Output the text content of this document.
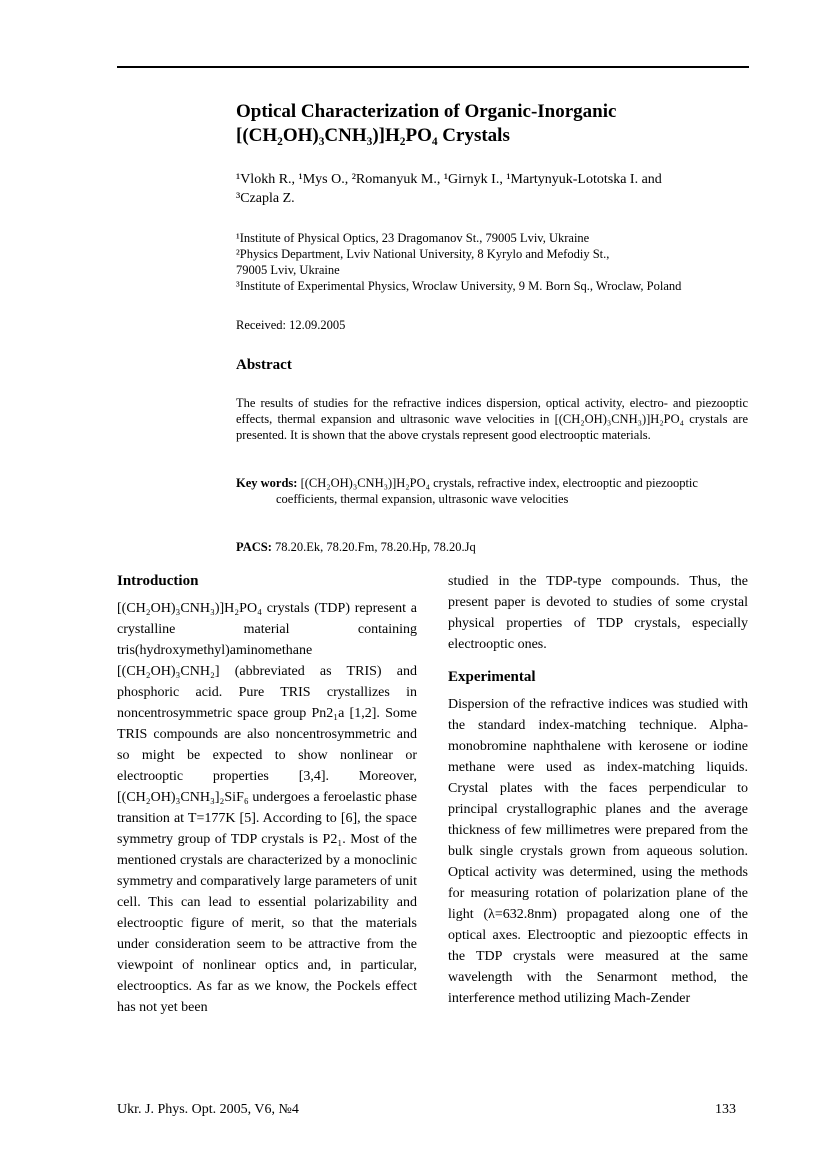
Optical Characterization of Organic-Inorganic
[(CH₂OH)₃CNH₃)]H₂PO₄ Crystals
¹Vlokh R., ¹Mys O., ²Romanyuk M., ¹Girnyk I., ¹Martynyuk-Lototska I. and
³Czapla Z.
¹Institute of Physical Optics, 23 Dragomanov St., 79005 Lviv, Ukraine
²Physics Department, Lviv National University, 8 Kyrylo and Mefodiy St.,
79005 Lviv, Ukraine
³Institute of Experimental Physics, Wroclaw University, 9 M. Born Sq., Wroclaw, Poland
Received: 12.09.2005
Abstract
The results of studies for the refractive indices dispersion, optical activity, electro- and piezooptic effects, thermal expansion and ultrasonic wave velocities in [(CH₂OH)₃CNH₃)]H₂PO₄ crystals are presented. It is shown that the above crystals represent good electrooptic materials.
Key words: [(CH₂OH)₃CNH₃)]H₂PO₄ crystals, refractive index, electrooptic and piezooptic
coefficients, thermal expansion, ultrasonic wave velocities
PACS: 78.20.Ek, 78.20.Fm, 78.20.Hp, 78.20.Jq
Introduction

[(CH₂OH)₃CNH₃)]H₂PO₄ crystals (TDP) represent a crystalline material containing tris(hydroxymethyl)aminomethane [(CH₂OH)₃CNH₂] (abbreviated as TRIS) and phosphoric acid. Pure TRIS crystallizes in noncentrosymmetric space group Pn2₁a [1,2]. Some TRIS compounds are also noncentrosymmetric and so might be expected to show nonlinear or electrooptic properties [3,4]. Moreover, [(CH₂OH)₃CNH₃]₂SiF₆ undergoes a feroelastic phase transition at T=177K [5]. According to [6], the space symmetry group of TDP crystals is P2₁. Most of the mentioned crystals are characterized by a monoclinic symmetry and comparatively large parameters of unit cell. This can lead to essential polarizability and electrooptic figure of merit, so that the materials under consideration seem to be attractive from the viewpoint of nonlinear optics and, in particular, electrooptics. As far as we know, the Pockels effect has not yet been

studied in the TDP-type compounds. Thus, the present paper is devoted to studies of some crystal physical properties of TDP crystals, especially electrooptic ones.

Experimental

Dispersion of the refractive indices was studied with the standard index-matching technique. Alpha-monobromine naphthalene with kerosene or iodine methane were used as index-matching liquids. Crystal plates with the faces perpendicular to principal crystallographic planes and the average thickness of few millimetres were prepared from the bulk single crystals grown from aqueous solution. Optical activity was determined, using the methods for measuring rotation of polarization plane of the light (λ=632.8nm) propagated along one of the optical axes. Electrooptic and piezooptic effects in the TDP crystals were measured at the same wavelength with the Senarmont method, the interference method utilizing Mach-Zender

Ukr. J. Phys. Opt. 2005, V6, №4	133
